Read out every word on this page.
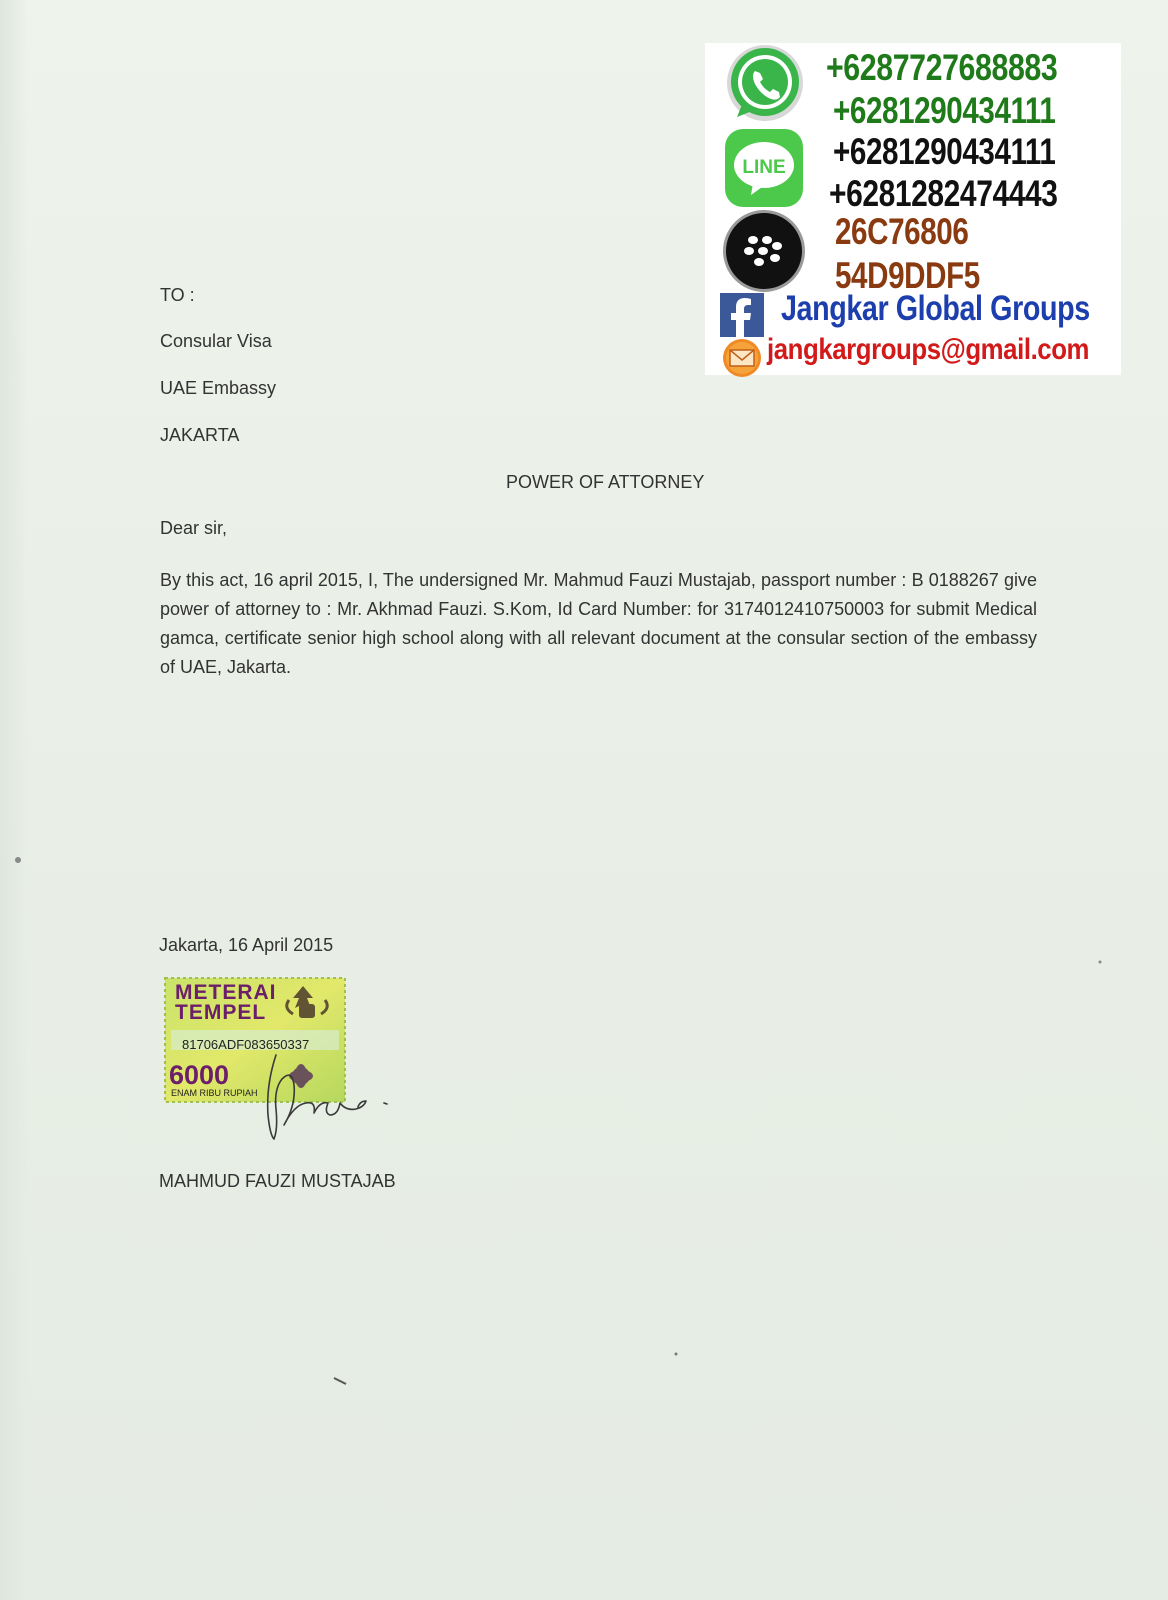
LINE
+6287727688883
+6281290434111
+6281290434111
+6281282474443
26C76806
54D9DDF5
Jangkar Global Groups
jangkargroups@gmail.com
TO :
Consular Visa
UAE Embassy
JAKARTA
POWER OF ATTORNEY
Dear sir,
By this act, 16 april 2015, I, The undersigned Mr. Mahmud Fauzi Mustajab, passport number : B 0188267 give power of attorney to : Mr. Akhmad Fauzi. S.Kom, Id Card Number: for 3174012410750003 for submit Medical gamca, certificate senior high school along with all relevant document at the consular section of the embassy of UAE, Jakarta.
Jakarta, 16 April 2015
METERAI
TEMPEL
81706ADF083650337
6000
ENAM RIBU RUPIAH
MAHMUD FAUZI MUSTAJAB
